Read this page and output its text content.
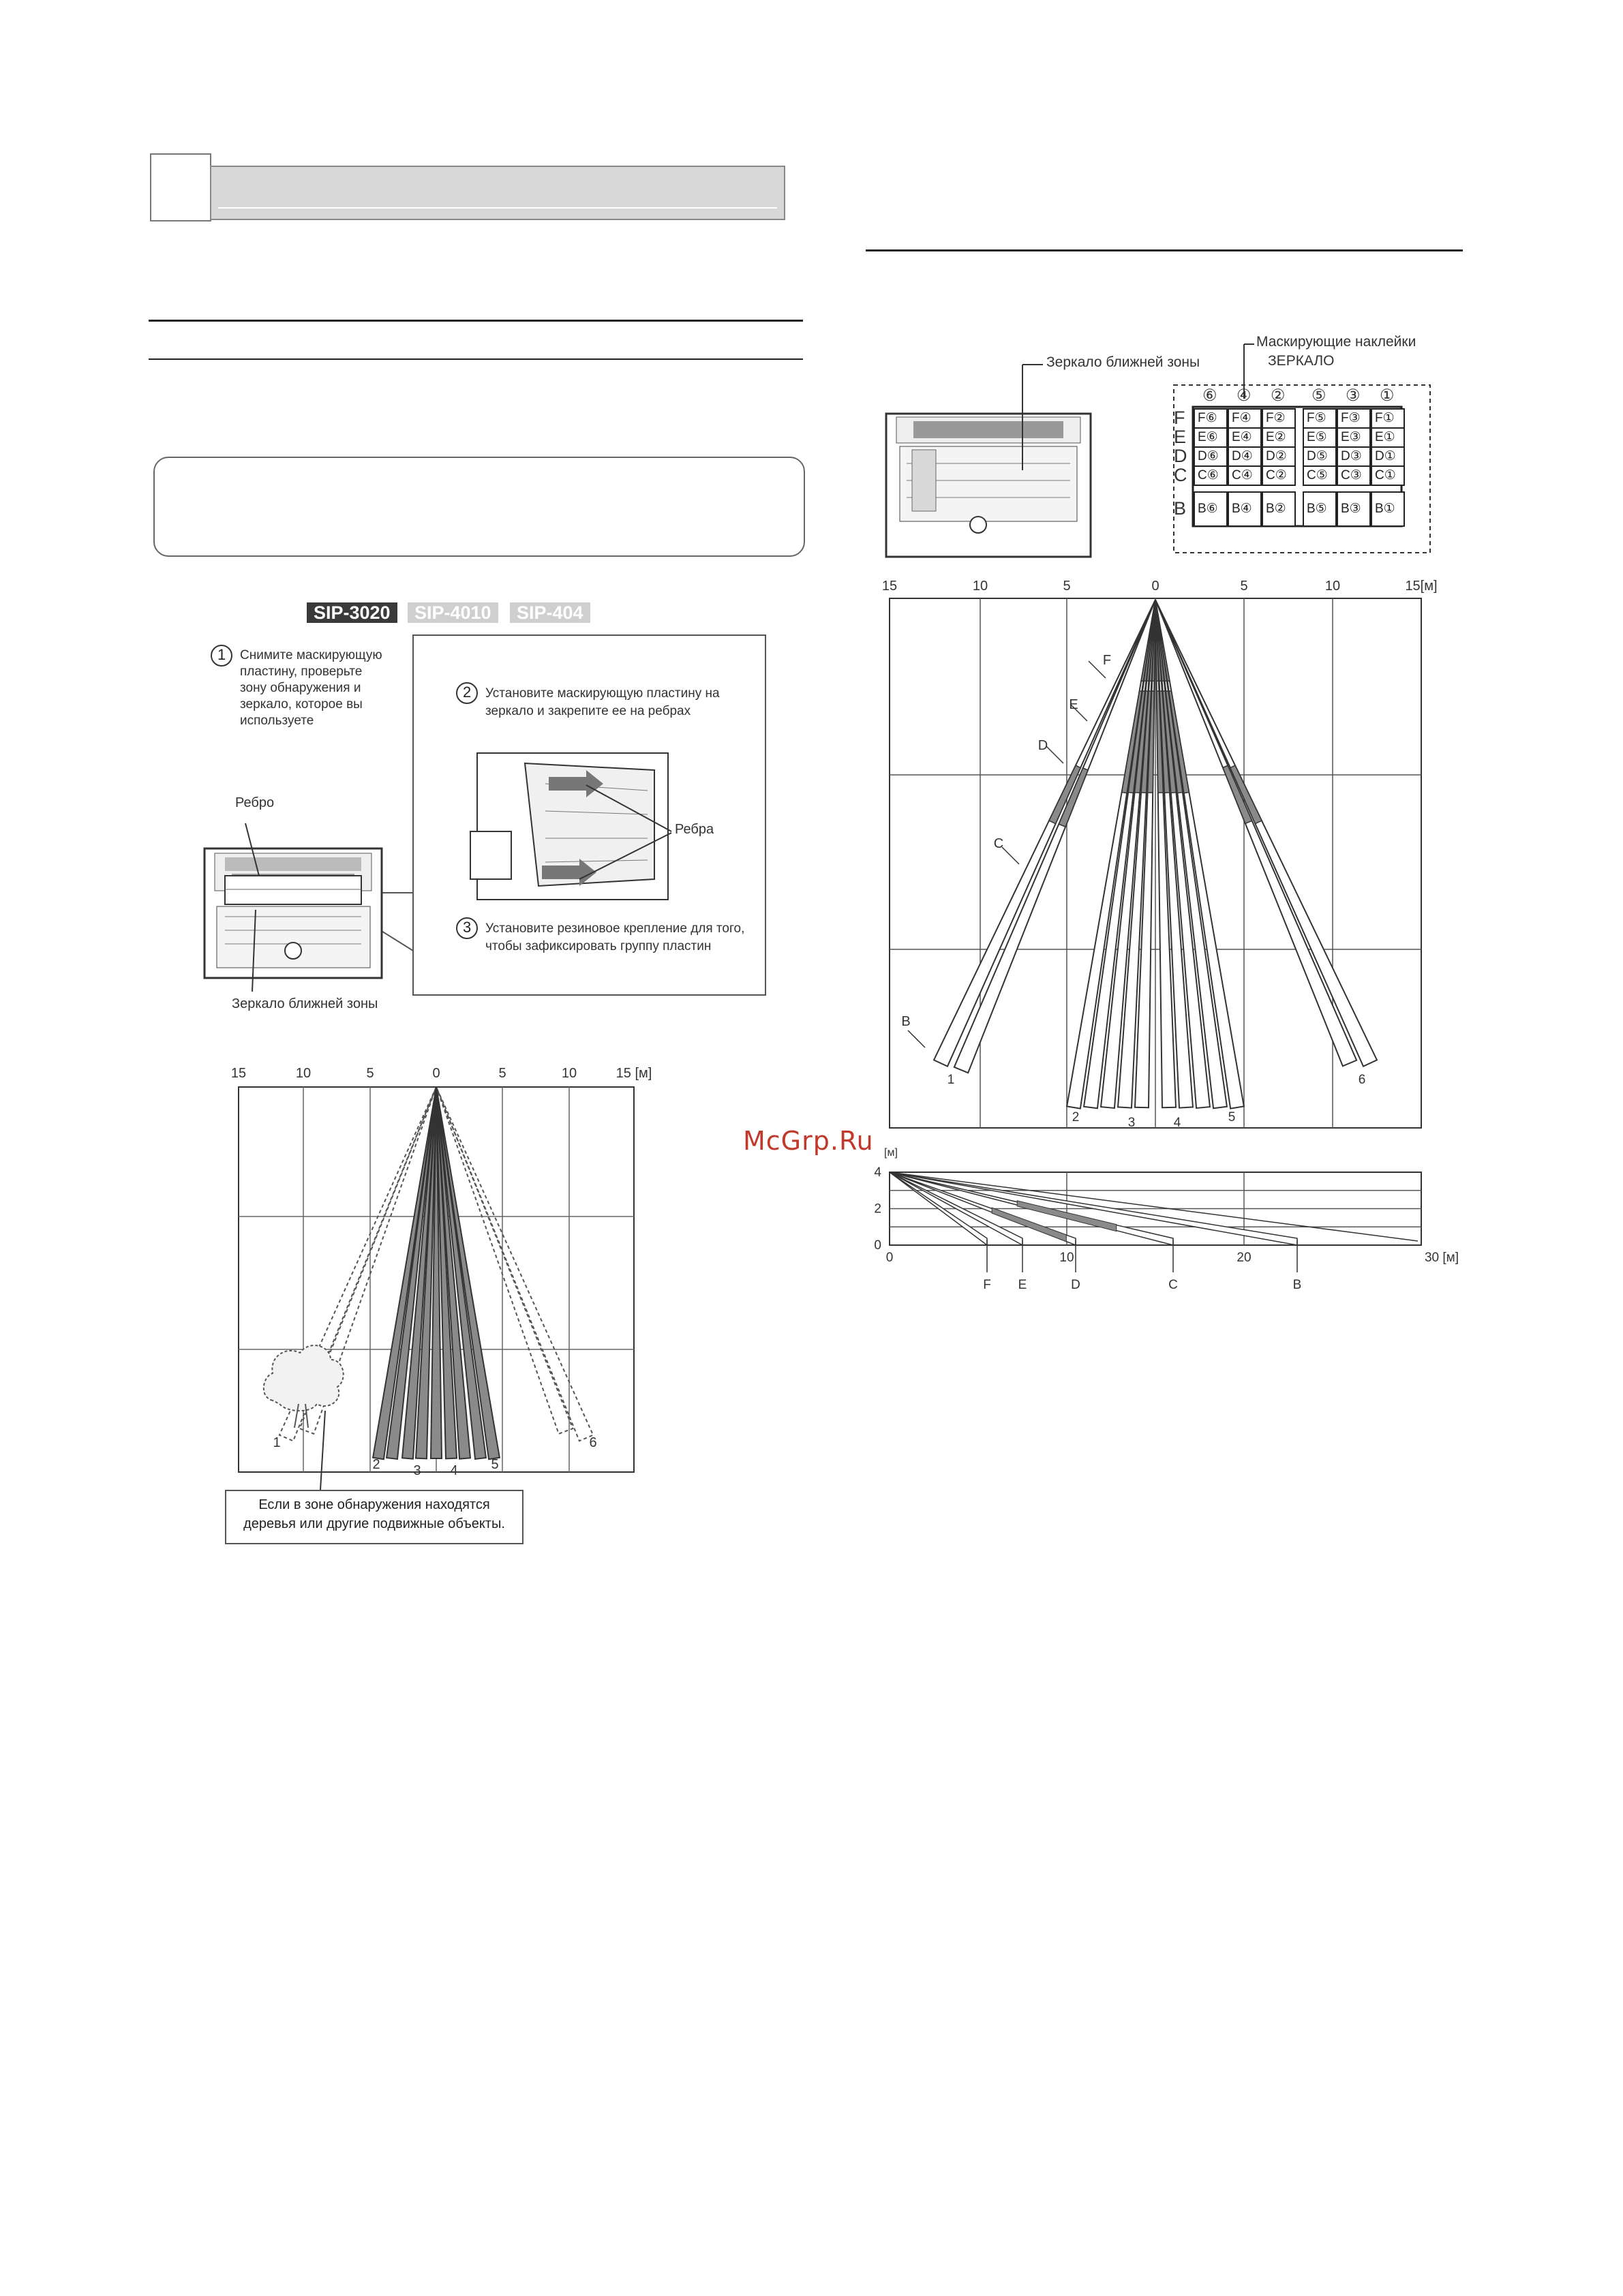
SIP-3020	SIP-4010	SIP-404
1
2
3
Снимите маскирующую
пластину, проверьте
зону обнаружения и
зеркало, которое вы
используете
Установите маскирующую пластину на
зеркало и закрепите ее на ребрах
Установите резиновое крепление для того,
чтобы зафиксировать группу пластин
Ребро
Ребра
Зеркало ближней зоны
15	10	5	0	5	10	15 [м]
1
2 3 4 5
6
Если в зоне обнаружения находятся
деревья или другие подвижные объекты.
Зеркало ближней зоны
Маскирующие наклейки
ЗЕРКАЛО
⑥ ④ ② ⑤ ③ ①
F
E
D
C
B
F⑥ F④ F② F⑤ F③ F①
E⑥ E④ E② E⑤ E③ E①
D⑥ D④ D② D⑤ D③ D①
C⑥ C④ C② C⑤ C③ C①
B⑥ B④ B② B⑤ B③ B①
15	10	5	0	5	10	15[м]
F
E
D
C
B
1
2	3	4	5
6
[м]
4
2
0
0	10	20	30 [м]
F E	D	C	B
McGrp.Ru
